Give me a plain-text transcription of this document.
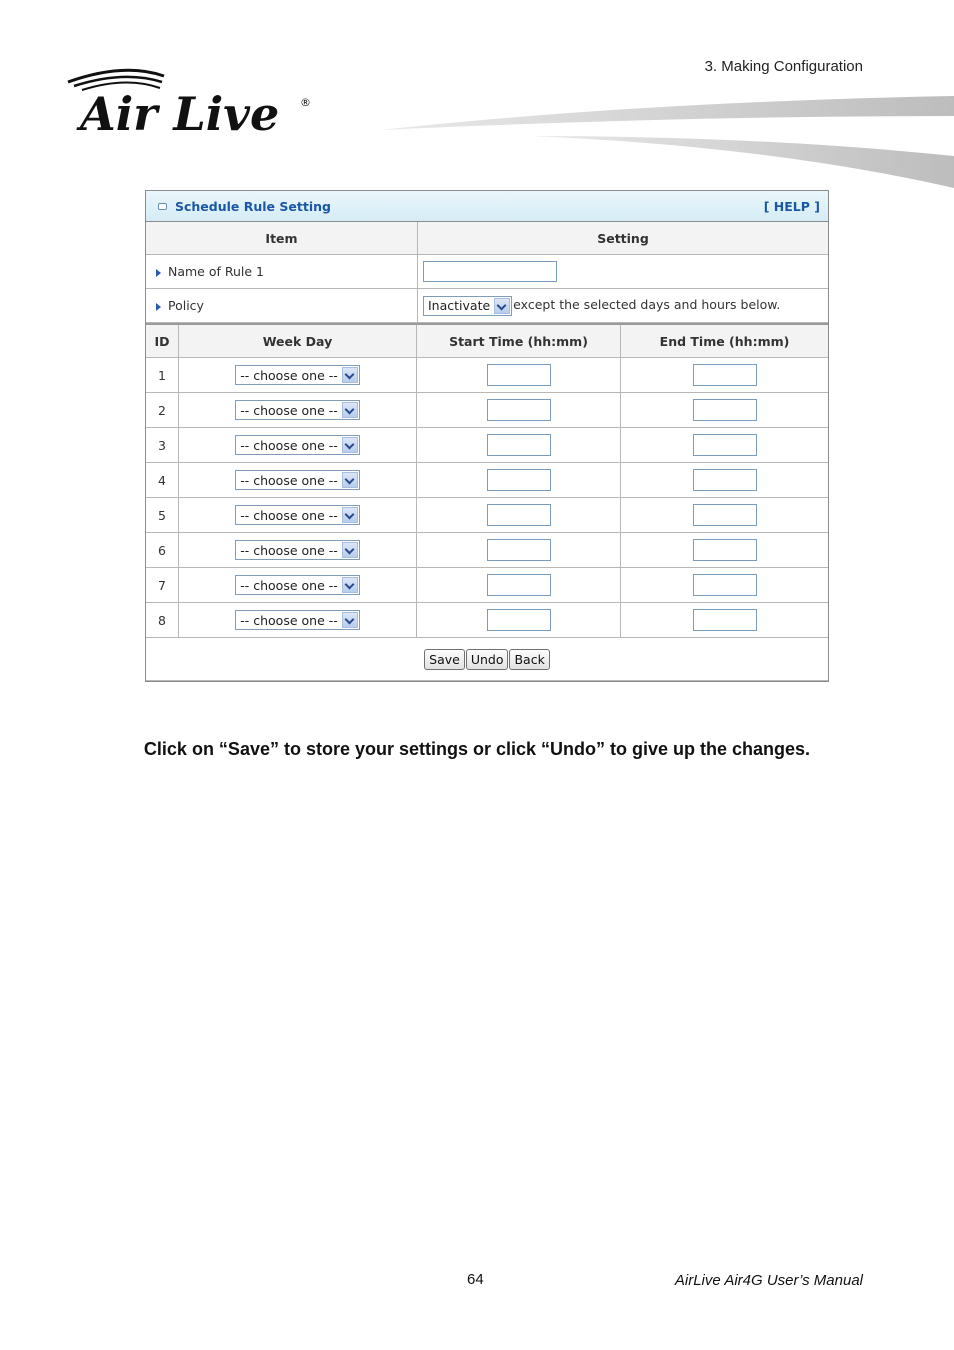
3. Making Configuration
Air Live ®
Schedule Rule Setting	[ HELP ]
Item	Setting
Name of Rule 1	
Policy	Inactivate except the selected days and hours below.
ID	Week Day	Start Time (hh:mm)	End Time (hh:mm)
1	-- choose one --

2	-- choose one --

3	-- choose one --

4	-- choose one --

5	-- choose one --

6	-- choose one --

7	-- choose one --

8	-- choose one --

Save Undo Back			
Click on “Save” to store your settings or click “Undo” to give up the changes.
64	AirLive Air4G User’s Manual
